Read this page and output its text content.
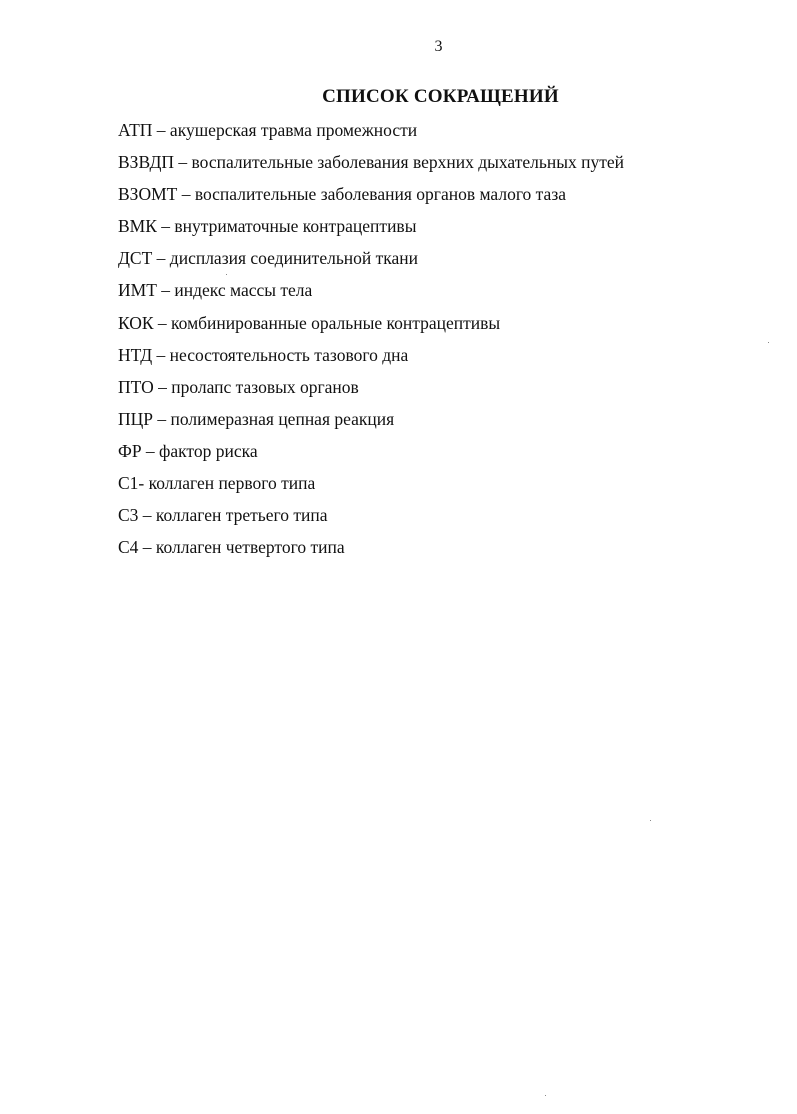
3
СПИСОК СОКРАЩЕНИЙ
АТП – акушерская травма промежности
ВЗВДП – воспалительные заболевания верхних дыхательных путей
ВЗОМТ – воспалительные заболевания органов малого таза
ВМК – внутриматочные контрацептивы
ДСТ – дисплазия соединительной ткани
ИМТ – индекс массы тела
КОК – комбинированные оральные контрацептивы
НТД – несостоятельность тазового дна
ПТО – пролапс тазовых органов
ПЦР – полимеразная цепная реакция
ФР – фактор риска
С1- коллаген первого типа
С3 – коллаген третьего типа
С4 – коллаген четвертого типа
